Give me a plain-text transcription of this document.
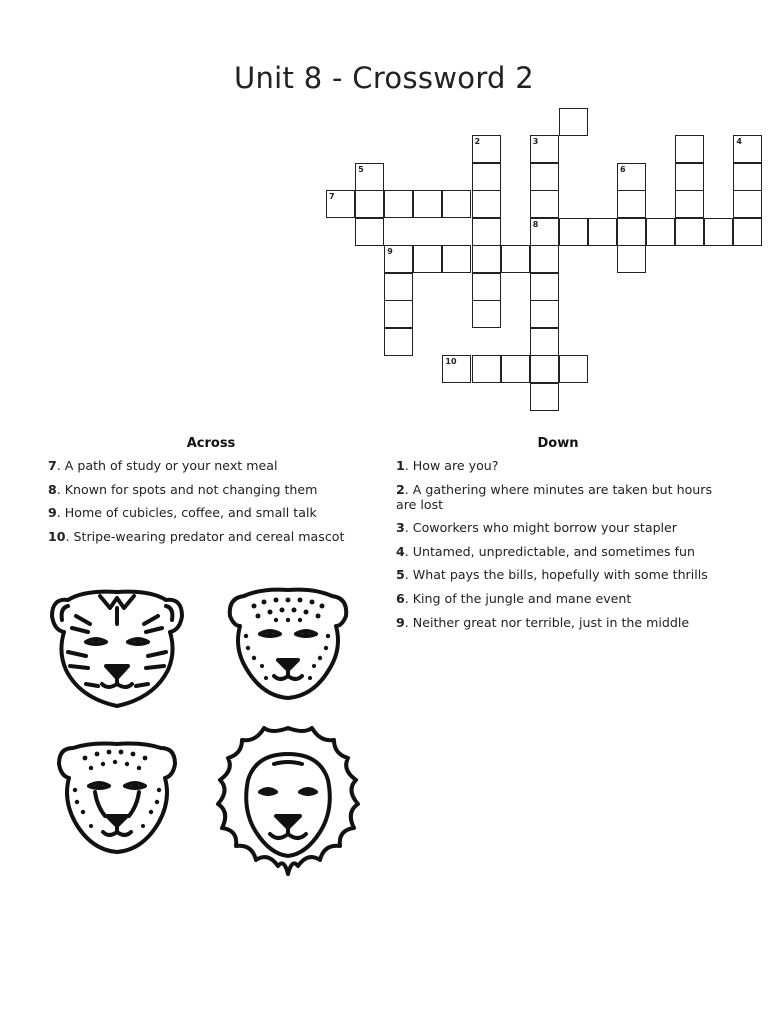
Unit 8 - Crossword 2
2	3
8
4
5	6
7
9
10
Across
7. A path of study or your next meal
8. Known for spots and not changing them
9. Home of cubicles, coffee, and small talk
10. Stripe-wearing predator and cereal mascot
Down
1. How are you?
2. A gathering where minutes are taken but hours are lost
3. Coworkers who might borrow your stapler
4. Untamed, unpredictable, and sometimes fun
5. What pays the bills, hopefully with some thrills
6. King of the jungle and mane event
9. Neither great nor terrible, just in the middle
